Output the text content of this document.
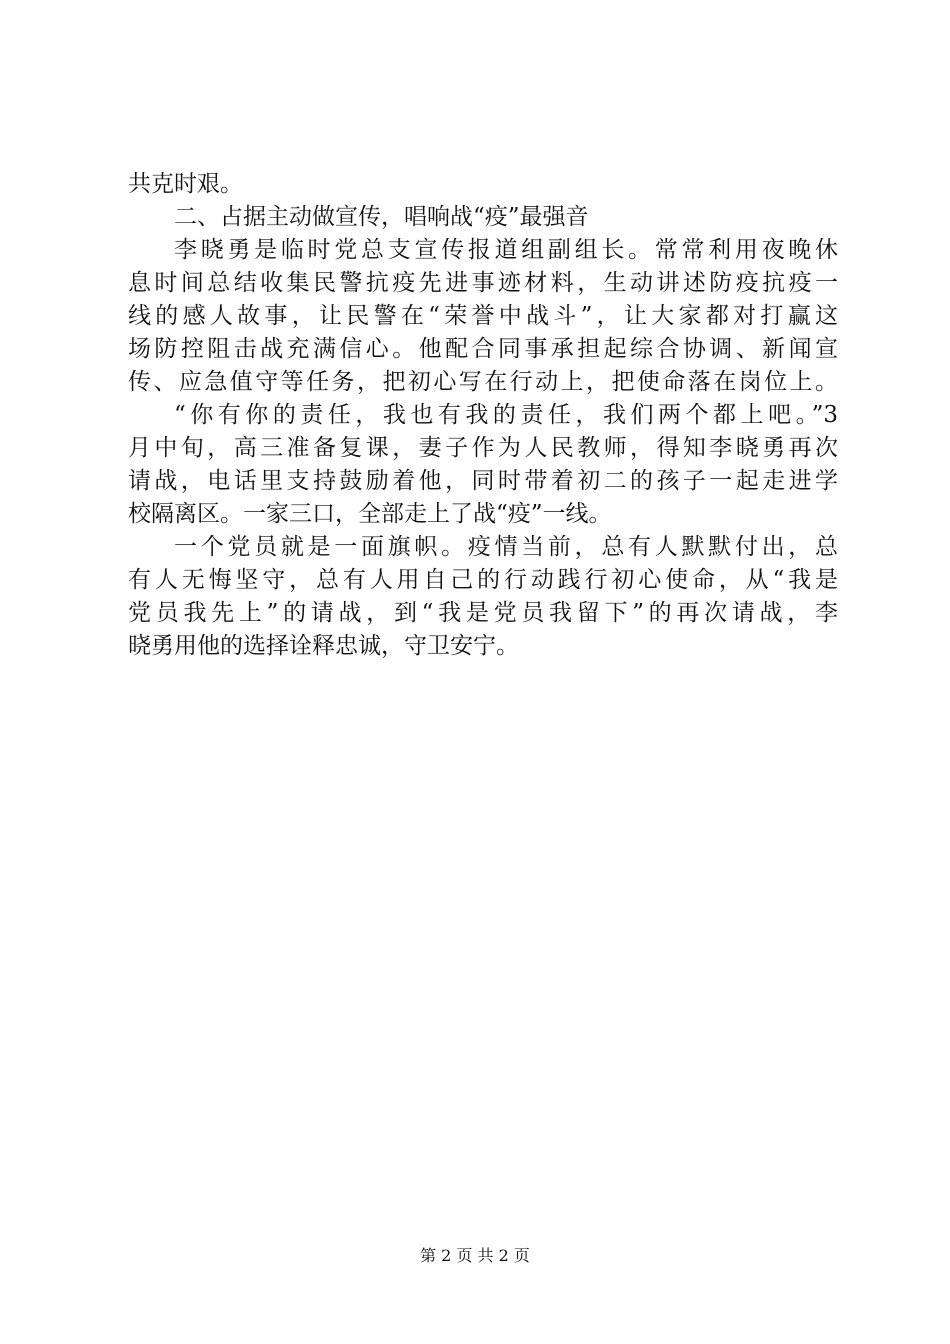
共克时艰。
二、占据主动做宣传，唱响战“疫”最强音
李晓勇是临时党总支宣传报道组副组长。常常利用夜晚休
息时间总结收集民警抗疫先进事迹材料，生动讲述防疫抗疫一
线的感人故事，让民警在“荣誉中战斗”，让大家都对打赢这
场防控阻击战充满信心。他配合同事承担起综合协调、新闻宣
传、应急值守等任务，把初心写在行动上，把使命落在岗位上。
“你有你的责任，我也有我的责任，我们两个都上吧。”3
月中旬，高三准备复课，妻子作为人民教师，得知李晓勇再次
请战，电话里支持鼓励着他，同时带着初二的孩子一起走进学
校隔离区。一家三口，全部走上了战“疫”一线。
一个党员就是一面旗帜。疫情当前，总有人默默付出，总
有人无悔坚守，总有人用自己的行动践行初心使命，从“我是
党员我先上”的请战，到“我是党员我留下”的再次请战，李
晓勇用他的选择诠释忠诚，守卫安宁。
第 2 页 共 2 页
